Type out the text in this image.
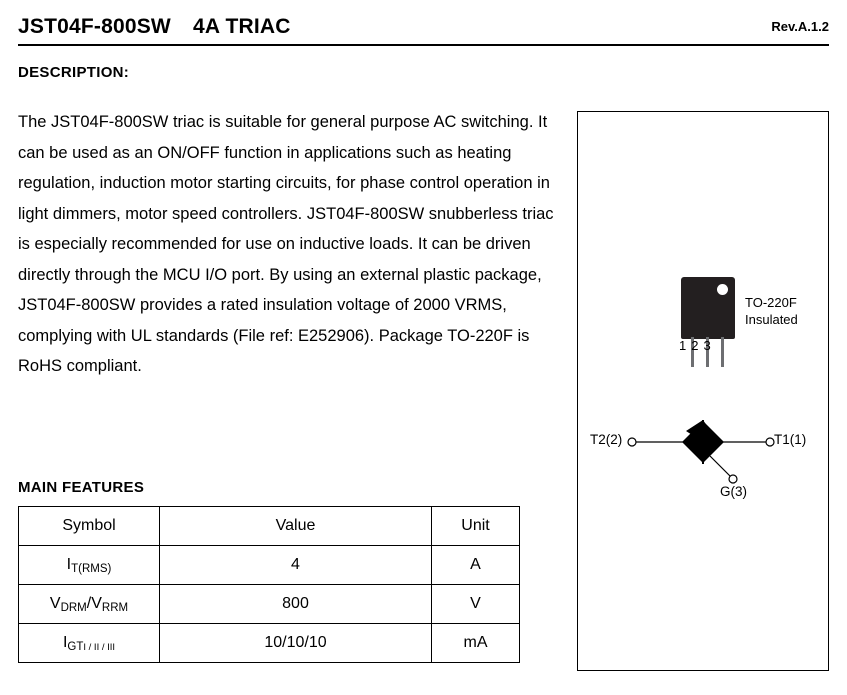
JST04F-800SW 4A TRIAC	Rev.A.1.2
DESCRIPTION:
The JST04F-800SW triac is suitable for general purpose AC switching. It can be used as an ON/OFF function in applications such as heating regulation, induction motor starting circuits, for phase control operation in light dimmers, motor speed controllers. JST04F-800SW snubberless triac is especially recommended for use on inductive loads. It can be driven directly through the MCU I/O port. By using an external plastic package, JST04F-800SW provides a rated insulation voltage of 2000 VRMS, complying with UL standards (File ref: E252906). Package TO-220F is RoHS compliant.
123
TO-220F
Insulated
T2(2)	T1(1)
G(3)
MAIN FEATURES
Symbol	Value	Unit
IT(RMS)	4	A
VDRM/VRRM	800	V
IGTI / II / III	10/10/10	mA
